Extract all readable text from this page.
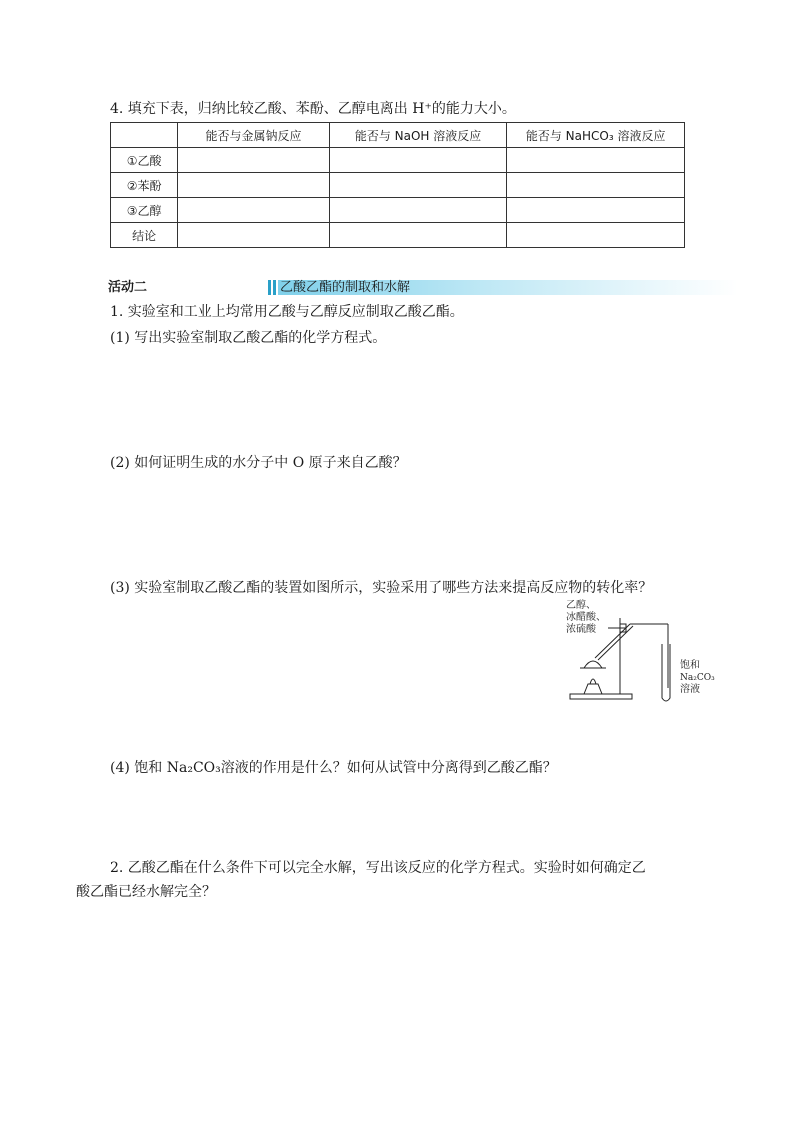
4. 填充下表，归纳比较乙酸、苯酚、乙醇电离出 H⁺的能力大小。
	能否与金属钠反应	能否与 NaOH 溶液反应	能否与 NaHCO₃ 溶液反应
①乙酸			
②苯酚			
③乙醇			
结论			
活动二	乙酸乙酯的制取和水解
1. 实验室和工业上均常用乙酸与乙醇反应制取乙酸乙酯。
(1) 写出实验室制取乙酸乙酯的化学方程式。
(2) 如何证明生成的水分子中 O 原子来自乙酸？
(3) 实验室制取乙酸乙酯的装置如图所示，实验采用了哪些方法来提高反应物的转化率？
乙醇、
冰醋酸、
浓硫酸
饱和
Na₂CO₃
溶液
(4) 饱和 Na₂CO₃溶液的作用是什么？如何从试管中分离得到乙酸乙酯？
2. 乙酸乙酯在什么条件下可以完全水解，写出该反应的化学方程式。实验时如何确定乙
酸乙酯已经水解完全？
